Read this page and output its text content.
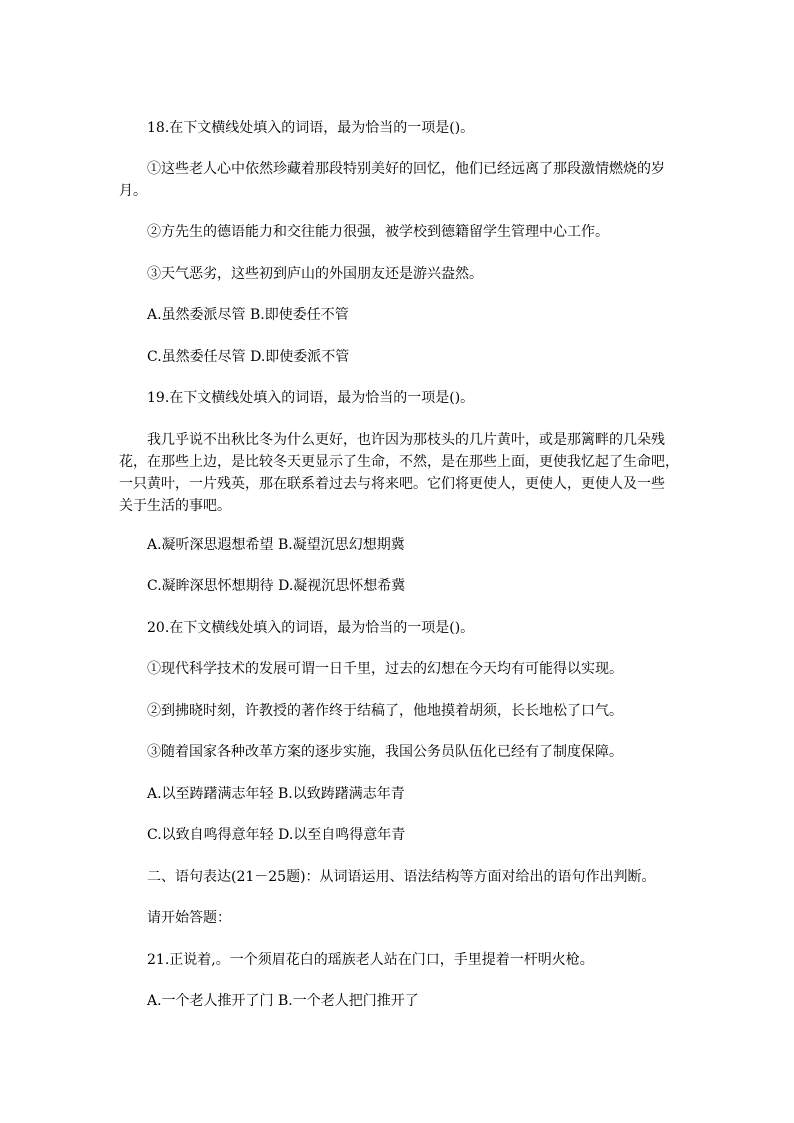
18.在下文横线处填入的词语，最为恰当的一项是()。
①这些老人心中依然珍藏着那段特别美好的回忆，他们已经远离了那段激情燃烧的岁
月。
②方先生的德语能力和交往能力很强，被学校到德籍留学生管理中心工作。
③天气恶劣，这些初到庐山的外国朋友还是游兴盎然。
A.虽然委派尽管 B.即使委任不管
C.虽然委任尽管 D.即使委派不管
19.在下文横线处填入的词语，最为恰当的一项是()。
我几乎说不出秋比冬为什么更好，也许因为那枝头的几片黄叶，或是那篱畔的几朵残
花，在那些上边，是比较冬天更显示了生命，不然，是在那些上面，更使我忆起了生命吧，
一只黄叶，一片残英，那在联系着过去与将来吧。它们将更使人，更使人，更使人及一些
关于生活的事吧。
A.凝听深思遐想希望 B.凝望沉思幻想期冀
C.凝眸深思怀想期待 D.凝视沉思怀想希冀
20.在下文横线处填入的词语，最为恰当的一项是()。
①现代科学技术的发展可谓一日千里，过去的幻想在今天均有可能得以实现。
②到拂晓时刻，许教授的著作终于结稿了，他地摸着胡须，长长地松了口气。
③随着国家各种改革方案的逐步实施，我国公务员队伍化已经有了制度保障。
A.以至踌躇满志年轻 B.以致踌躇满志年青
C.以致自鸣得意年轻 D.以至自鸣得意年青
二、语句表达(21－25题)：从词语运用、语法结构等方面对给出的语句作出判断。
请开始答题：
21.正说着,。一个须眉花白的瑶族老人站在门口，手里提着一杆明火枪。
A.一个老人推开了门 B.一个老人把门推开了
